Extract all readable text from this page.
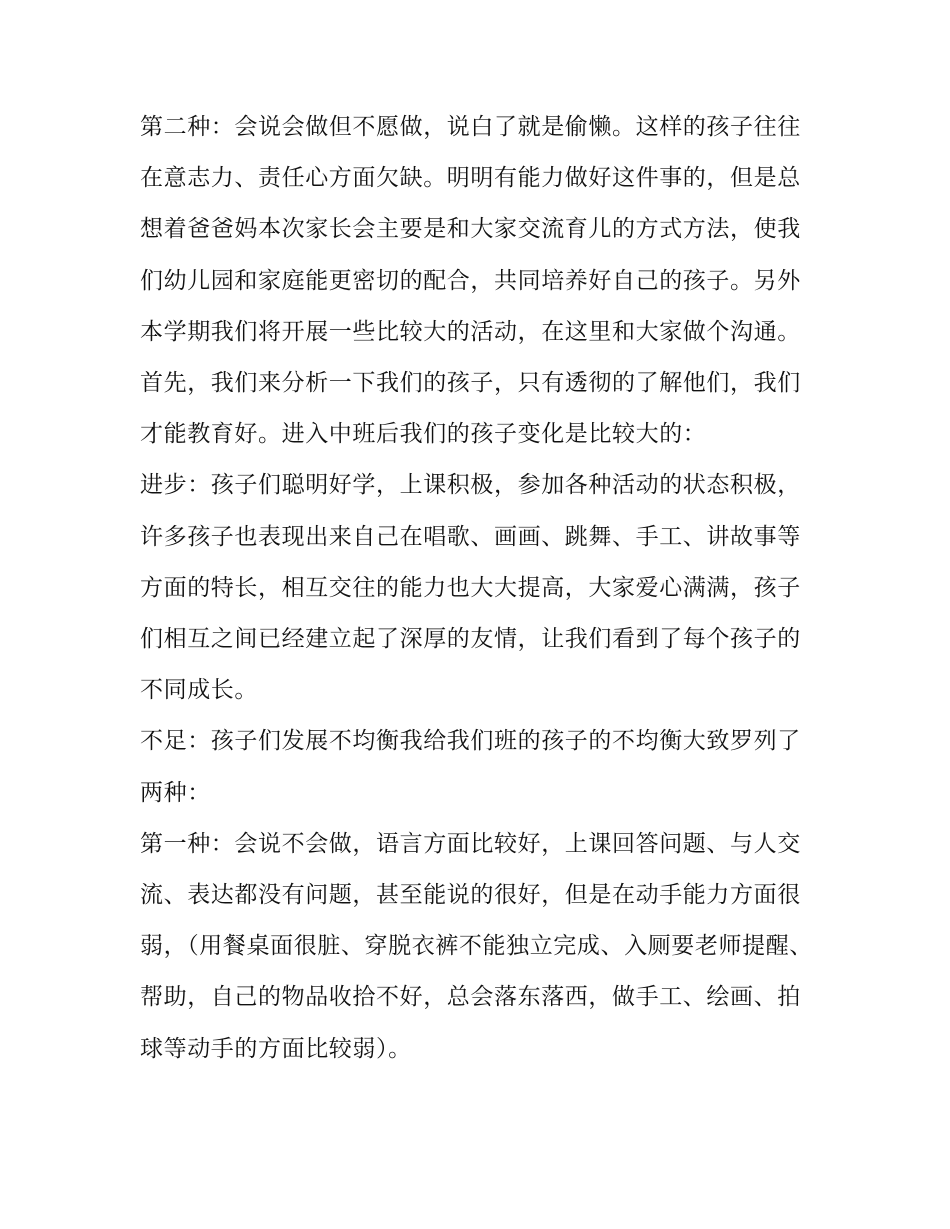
第二种：会说会做但不愿做，说白了就是偷懒。这样的孩子往往在意志力、责任心方面欠缺。明明有能力做好这件事的，但是总想着爸爸妈本次家长会主要是和大家交流育儿的方式方法，使我们幼儿园和家庭能更密切的配合，共同培养好自己的孩子。另外本学期我们将开展一些比较大的活动，在这里和大家做个沟通。

首先，我们来分析一下我们的孩子，只有透彻的了解他们，我们才能教育好。进入中班后我们的孩子变化是比较大的：

进步：孩子们聪明好学，上课积极，参加各种活动的状态积极，许多孩子也表现出来自己在唱歌、画画、跳舞、手工、讲故事等方面的特长，相互交往的能力也大大提高，大家爱心满满，孩子们相互之间已经建立起了深厚的友情，让我们看到了每个孩子的不同成长。

不足：孩子们发展不均衡我给我们班的孩子的不均衡大致罗列了两种：

第一种：会说不会做，语言方面比较好，上课回答问题、与人交流、表达都没有问题，甚至能说的很好，但是在动手能力方面很弱，（用餐桌面很脏、穿脱衣裤不能独立完成、入厕要老师提醒、帮助，自己的物品收拾不好，总会落东落西，做手工、绘画、拍球等动手的方面比较弱）。
